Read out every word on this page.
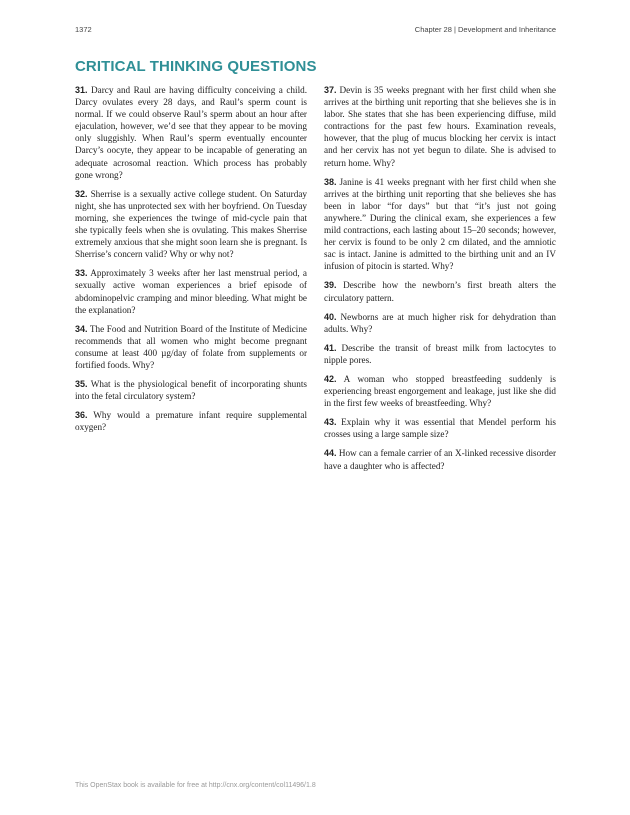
1372	Chapter 28 | Development and Inheritance
CRITICAL THINKING QUESTIONS

31. Darcy and Raul are having difficulty conceiving a child. Darcy ovulates every 28 days, and Raul’s sperm count is normal. If we could observe Raul’s sperm about an hour after ejaculation, however, we’d see that they appear to be moving only sluggishly. When Raul’s sperm eventually encounter Darcy’s oocyte, they appear to be incapable of generating an adequate acrosomal reaction. Which process has probably gone wrong?

32. Sherrise is a sexually active college student. On Saturday night, she has unprotected sex with her boyfriend. On Tuesday morning, she experiences the twinge of mid-cycle pain that she typically feels when she is ovulating. This makes Sherrise extremely anxious that she might soon learn she is pregnant. Is Sherrise’s concern valid? Why or why not?

33. Approximately 3 weeks after her last menstrual period, a sexually active woman experiences a brief episode of abdominopelvic cramping and minor bleeding. What might be the explanation?

34. The Food and Nutrition Board of the Institute of Medicine recommends that all women who might become pregnant consume at least 400 µg/day of folate from supplements or fortified foods. Why?

35. What is the physiological benefit of incorporating shunts into the fetal circulatory system?

36. Why would a premature infant require supplemental oxygen?

37. Devin is 35 weeks pregnant with her first child when she arrives at the birthing unit reporting that she believes she is in labor. She states that she has been experiencing diffuse, mild contractions for the past few hours. Examination reveals, however, that the plug of mucus blocking her cervix is intact and her cervix has not yet begun to dilate. She is advised to return home. Why?

38. Janine is 41 weeks pregnant with her first child when she arrives at the birthing unit reporting that she believes she has been in labor “for days” but that “it’s just not going anywhere.” During the clinical exam, she experiences a few mild contractions, each lasting about 15–20 seconds; however, her cervix is found to be only 2 cm dilated, and the amniotic sac is intact. Janine is admitted to the birthing unit and an IV infusion of pitocin is started. Why?

39. Describe how the newborn’s first breath alters the circulatory pattern.

40. Newborns are at much higher risk for dehydration than adults. Why?

41. Describe the transit of breast milk from lactocytes to nipple pores.

42. A woman who stopped breastfeeding suddenly is experiencing breast engorgement and leakage, just like she did in the first few weeks of breastfeeding. Why?

43. Explain why it was essential that Mendel perform his crosses using a large sample size?

44. How can a female carrier of an X-linked recessive disorder have a daughter who is affected?

This OpenStax book is available for free at http://cnx.org/content/col11496/1.8
